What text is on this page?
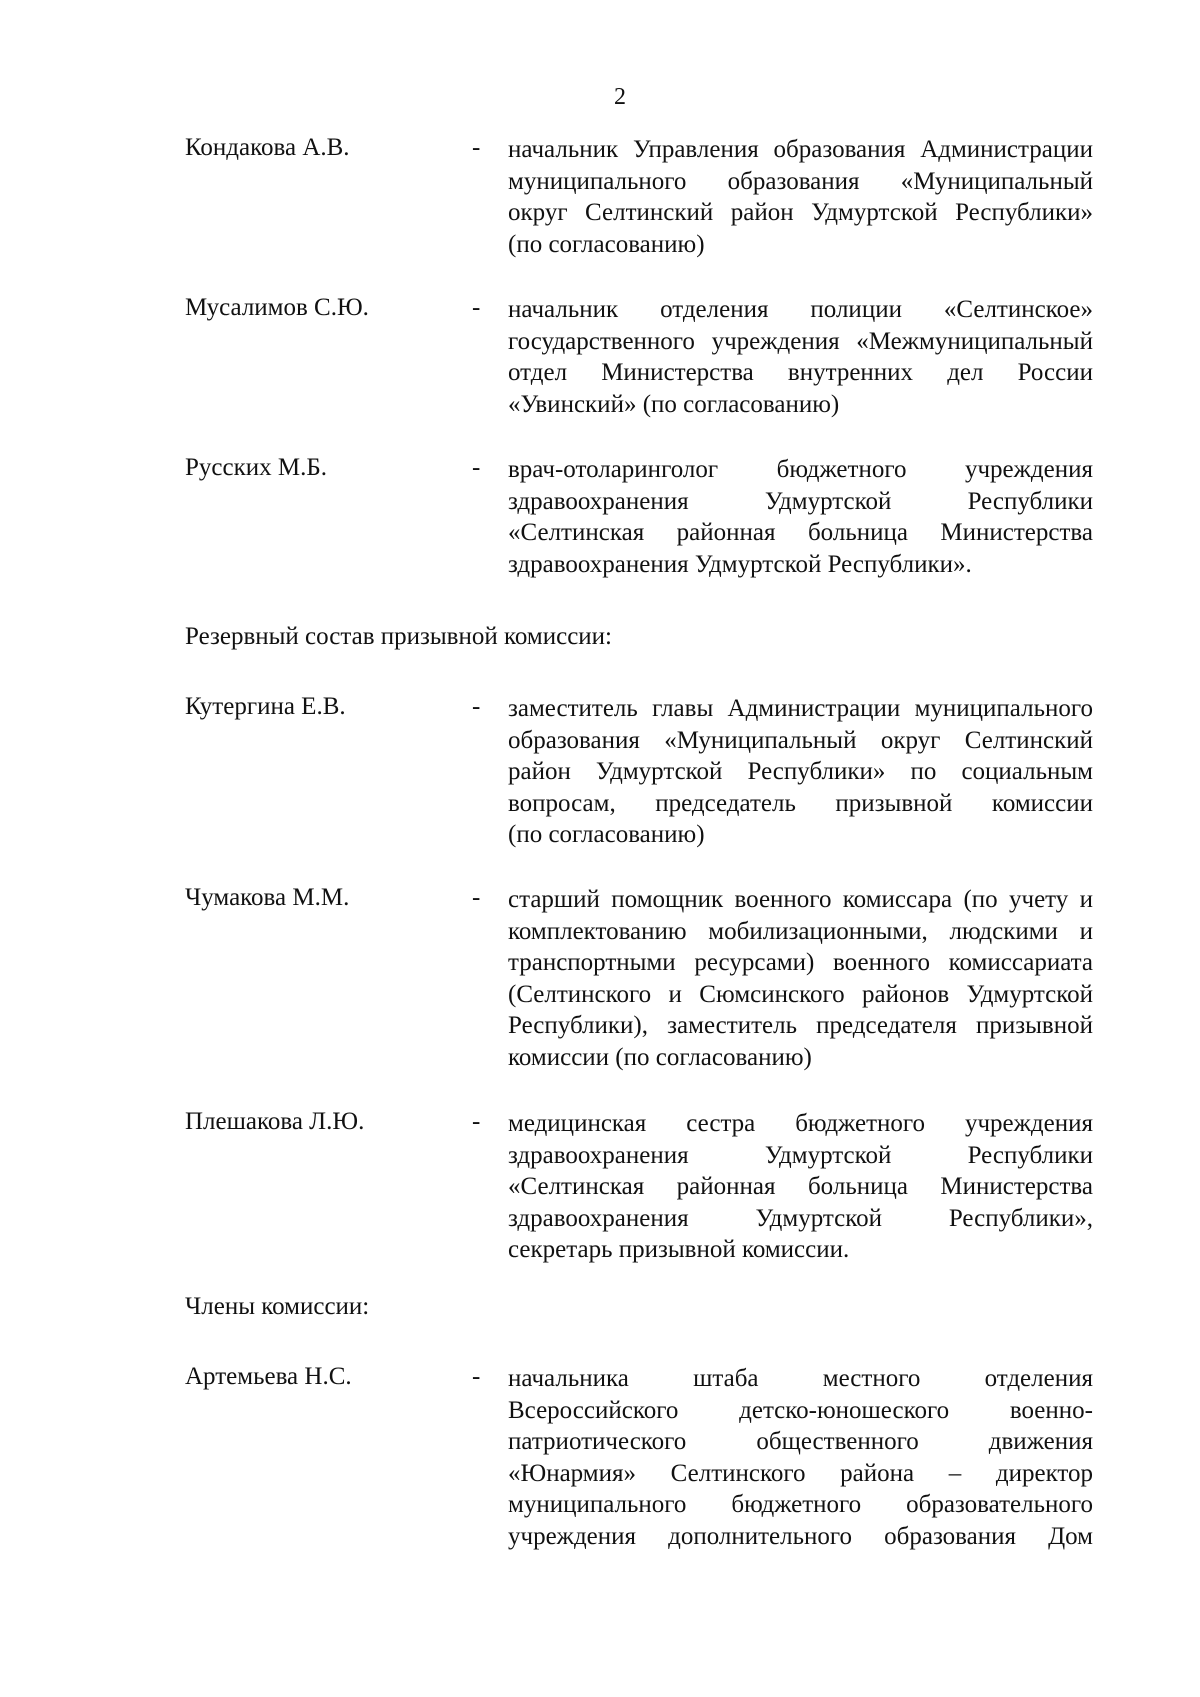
2
Кондакова А.В.	- начальник Управления образования Администрации
муниципального образования «Муниципальный
округ Селтинский район Удмуртской Республики»
(по согласованию)
Мусалимов С.Ю.	- начальник отделения полиции «Селтинское»
государственного учреждения «Межмуниципальный
отдел Министерства внутренних дел России
«Увинский» (по согласованию)
Русских М.Б.	- врач-отоларинголог бюджетного учреждения
здравоохранения Удмуртской Республики
«Селтинская районная больница Министерства
здравоохранения Удмуртской Республики».
Резервный состав призывной комиссии:
Кутергина Е.В.	- заместитель главы Администрации муниципального
образования «Муниципальный округ Селтинский
район Удмуртской Республики» по социальным
вопросам, председатель призывной комиссии
(по согласованию)
Чумакова М.М.	- старший помощник военного комиссара (по учету и
комплектованию мобилизационными, людскими и
транспортными ресурсами) военного комиссариата
(Селтинского и Сюмсинского районов Удмуртской
Республики), заместитель председателя призывной
комиссии (по согласованию)
Плешакова Л.Ю.	- медицинская сестра бюджетного учреждения
здравоохранения Удмуртской Республики
«Селтинская районная больница Министерства
здравоохранения Удмуртской Республики»,
секретарь призывной комиссии.
Члены комиссии:
Артемьева Н.С.	- начальника штаба местного отделения
Всероссийского детско-юношеского военно-
патриотического общественного движения
«Юнармия» Селтинского района – директор
муниципального бюджетного образовательного
учреждения дополнительного образования Дом
